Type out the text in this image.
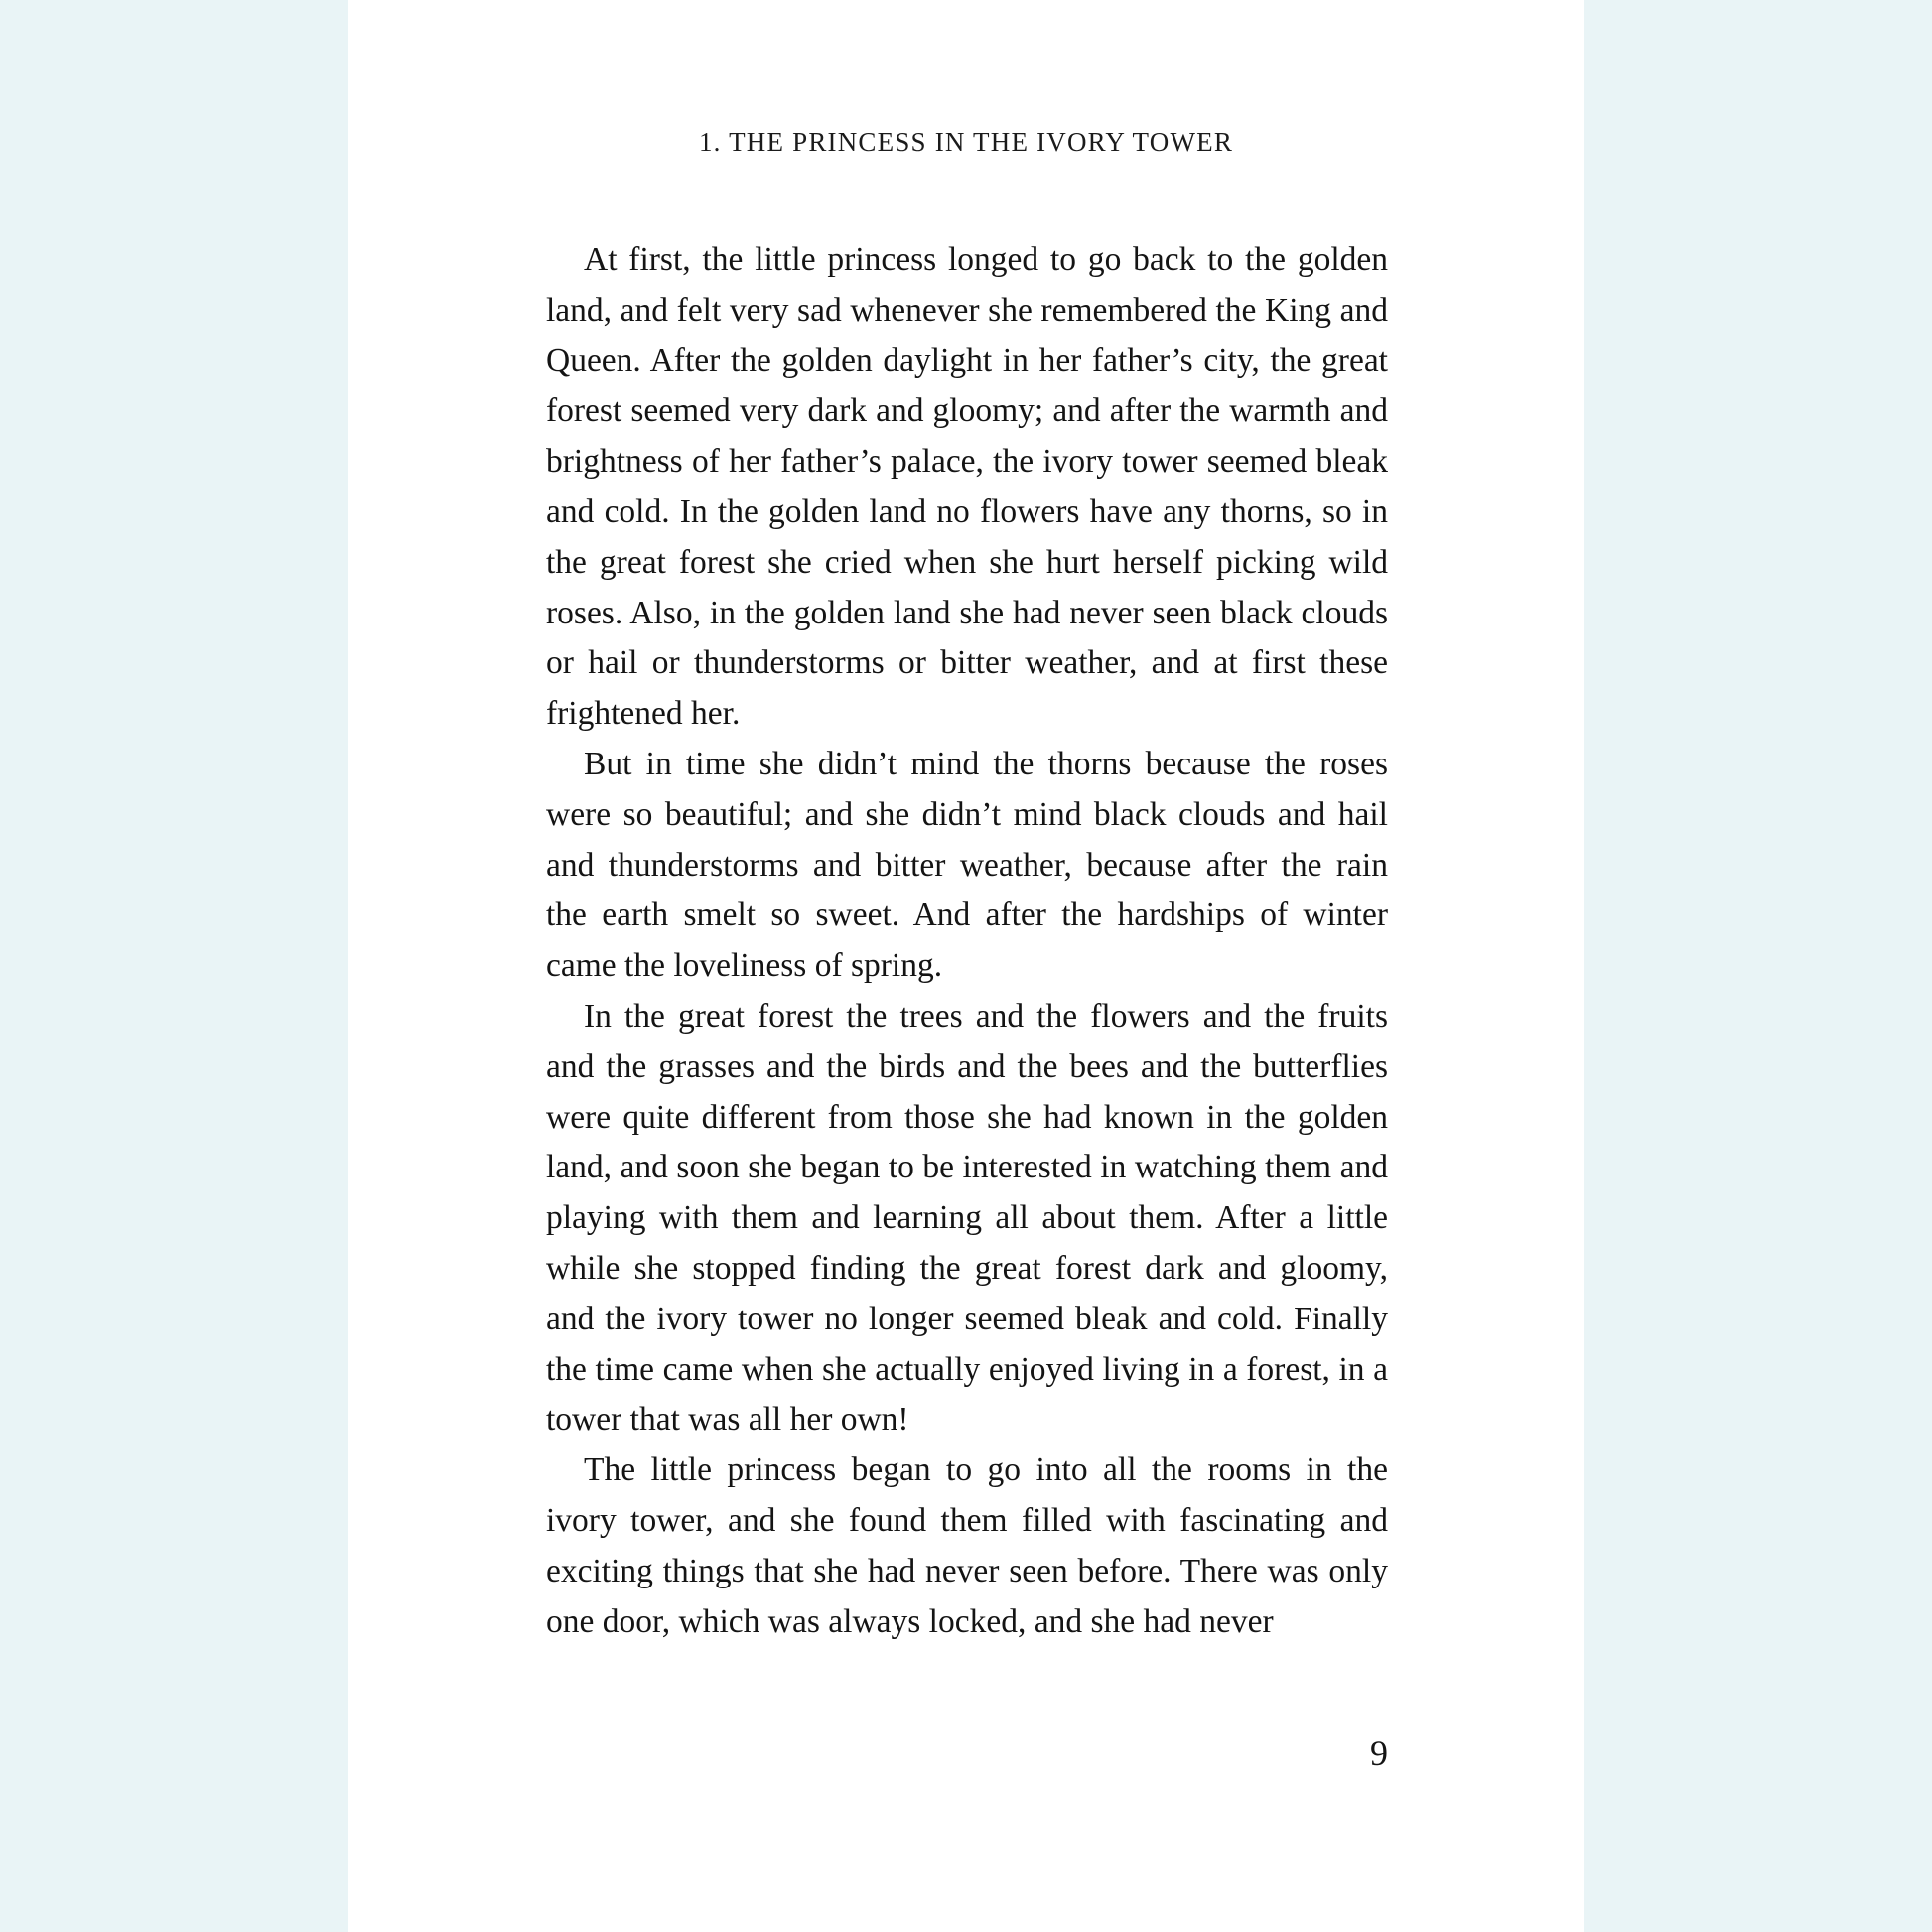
1. THE PRINCESS IN THE IVORY TOWER

At first, the little princess longed to go back to the golden land, and felt very sad whenever she remembered the King and Queen. After the golden daylight in her father’s city, the great forest seemed very dark and gloomy; and after the warmth and brightness of her father’s palace, the ivory tower seemed bleak and cold. In the golden land no flowers have any thorns, so in the great forest she cried when she hurt herself picking wild roses. Also, in the golden land she had never seen black clouds or hail or thunderstorms or bitter weather, and at first these frightened her.

But in time she didn’t mind the thorns because the roses were so beautiful; and she didn’t mind black clouds and hail and thunderstorms and bitter weather, because after the rain the earth smelt so sweet. And after the hardships of winter came the loveliness of spring.

In the great forest the trees and the flowers and the fruits and the grasses and the birds and the bees and the butterflies were quite different from those she had known in the golden land, and soon she began to be interested in watching them and playing with them and learning all about them. After a little while she stopped finding the great forest dark and gloomy, and the ivory tower no longer seemed bleak and cold. Finally the time came when she actually enjoyed living in a forest, in a tower that was all her own!

The little princess began to go into all the rooms in the ivory tower, and she found them filled with fascinating and exciting things that she had never seen before. There was only one door, which was always locked, and she had never

9
